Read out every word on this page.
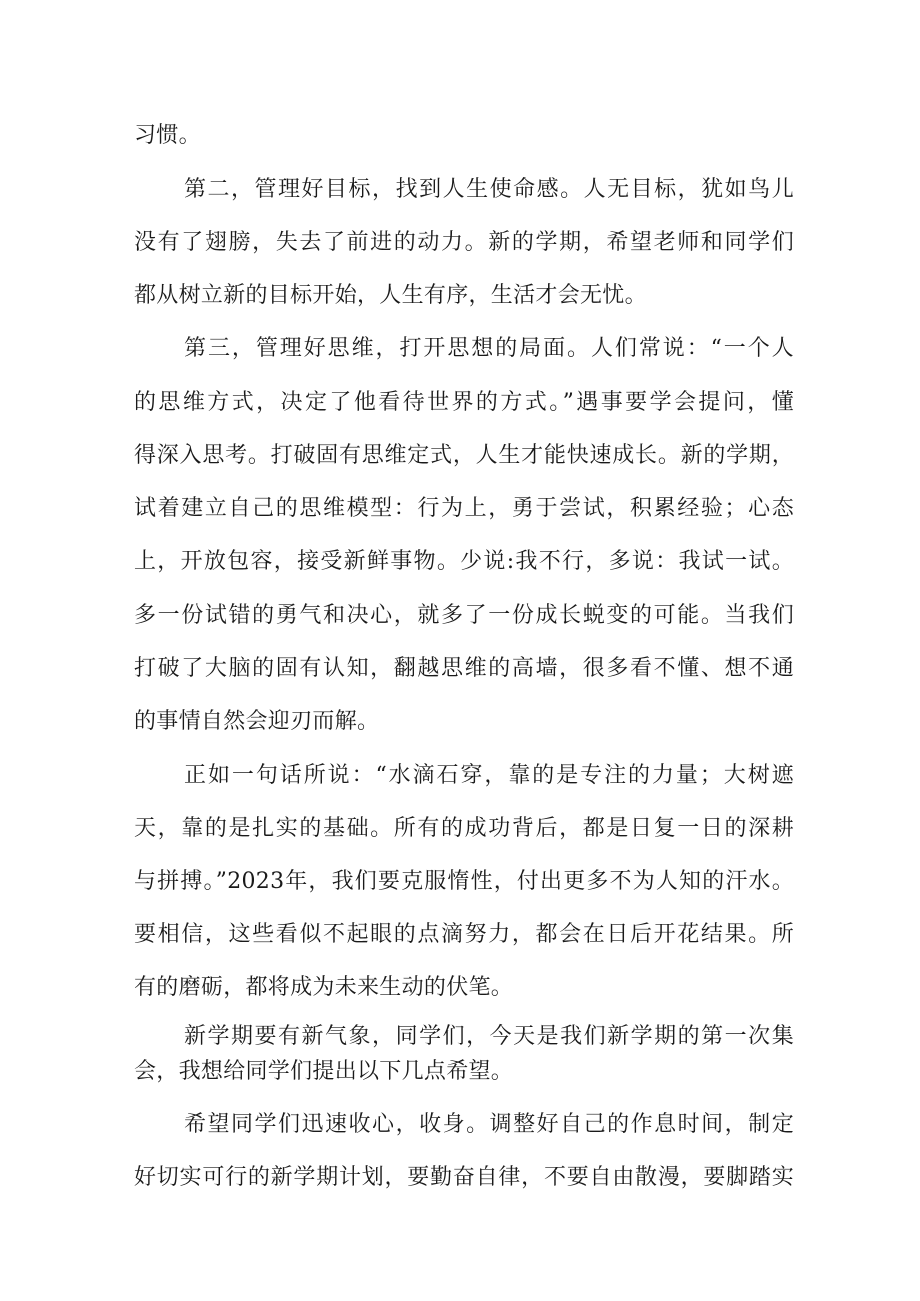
习惯。
第二，管理好目标，找到人生使命感。人无目标，犹如鸟儿
没有了翅膀，失去了前进的动力。新的学期，希望老师和同学们
都从树立新的目标开始，人生有序，生活才会无忧。
第三，管理好思维，打开思想的局面。人们常说：“一个人
的思维方式，决定了他看待世界的方式。”遇事要学会提问，懂
得深入思考。打破固有思维定式，人生才能快速成长。新的学期，
试着建立自己的思维模型：行为上，勇于尝试，积累经验；心态
上，开放包容，接受新鲜事物。少说:我不行，多说：我试一试。
多一份试错的勇气和决心，就多了一份成长蜕变的可能。当我们
打破了大脑的固有认知，翻越思维的高墙，很多看不懂、想不通
的事情自然会迎刃而解。
正如一句话所说：“水滴石穿，靠的是专注的力量；大树遮
天，靠的是扎实的基础。所有的成功背后，都是日复一日的深耕
与拼搏。”2023年，我们要克服惰性，付出更多不为人知的汗水。
要相信，这些看似不起眼的点滴努力，都会在日后开花结果。所
有的磨砺，都将成为未来生动的伏笔。
新学期要有新气象，同学们，今天是我们新学期的第一次集
会，我想给同学们提出以下几点希望。
希望同学们迅速收心，收身。调整好自己的作息时间，制定
好切实可行的新学期计划，要勤奋自律，不要自由散漫，要脚踏实
